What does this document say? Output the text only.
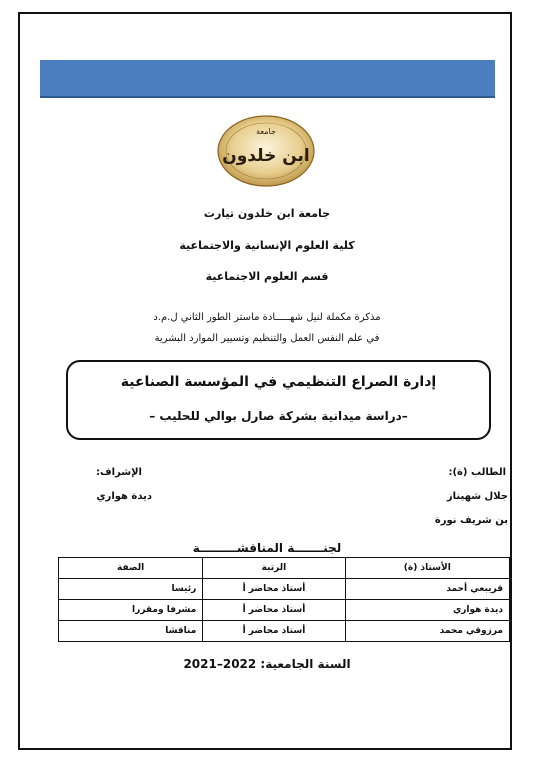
جامعة
ابن خلدون
جامعة ابن خلدون تيارت
كلية العلوم الإنسانية والاجتماعية
قسم العلوم الاجتماعية
مذكرة مكملة لنيل شهـــــادة ماستر الطور الثاني ل.م.د
في علم النفس العمل والتنظيم وتسيير الموارد البشرية
إدارة الصراع التنظيمي في المؤسسة الصناعية
–دراسة ميدانية بشركة صارل بوالي للحليب –
الطالب (ة):
جلال شهيناز
بن شريف نورة
الإشراف:
ديدة هواري
لجنـــــــة المناقشـــــــــة
الأستاذ (ة)	الرتبة	الصفة
قريبعي أحمد	أستاذ محاضر أ	رئيسا
ديدة هواري	أستاذ محاضر أ	مشرفا ومقررا
مرزوقي محمد	أستاذ محاضر أ	مناقشا
السنة الجامعية: 2022–2021
